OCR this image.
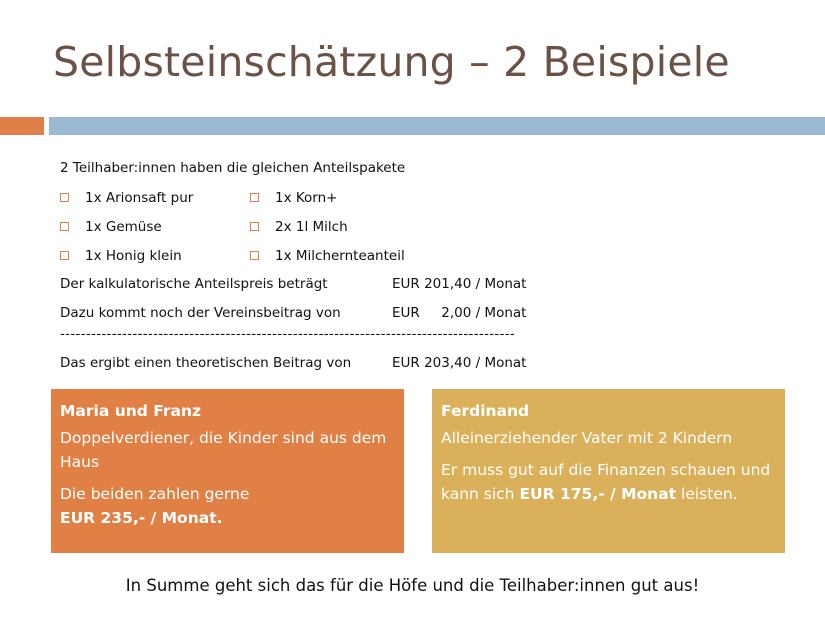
Selbsteinschätzung – 2 Beispiele
2 Teilhaber:innen haben die gleichen Anteilspakete
1x Arionsaft pur
1x Gemüse
1x Honig klein
1x Korn+
2x 1l Milch
1x Milchernteanteil
Der kalkulatorische Anteilspreis beträgt	EUR 201,40 / Monat
Dazu kommt noch der Vereinsbeitrag von	EUR     2,00 / Monat
----------------------------------------------------------------------------------------
Das ergibt einen theoretischen Beitrag von	EUR 203,40 / Monat

Maria und Franz

Doppelverdiener, die Kinder sind aus dem Haus

Die beiden zahlen gerne

EUR 235,- / Monat.

Ferdinand

Alleinerziehender Vater mit 2 Kindern

Er muss gut auf die Finanzen schauen und kann sich EUR 175,- / Monat leisten.

In Summe geht sich das für die Höfe und die Teilhaber:innen gut aus!
